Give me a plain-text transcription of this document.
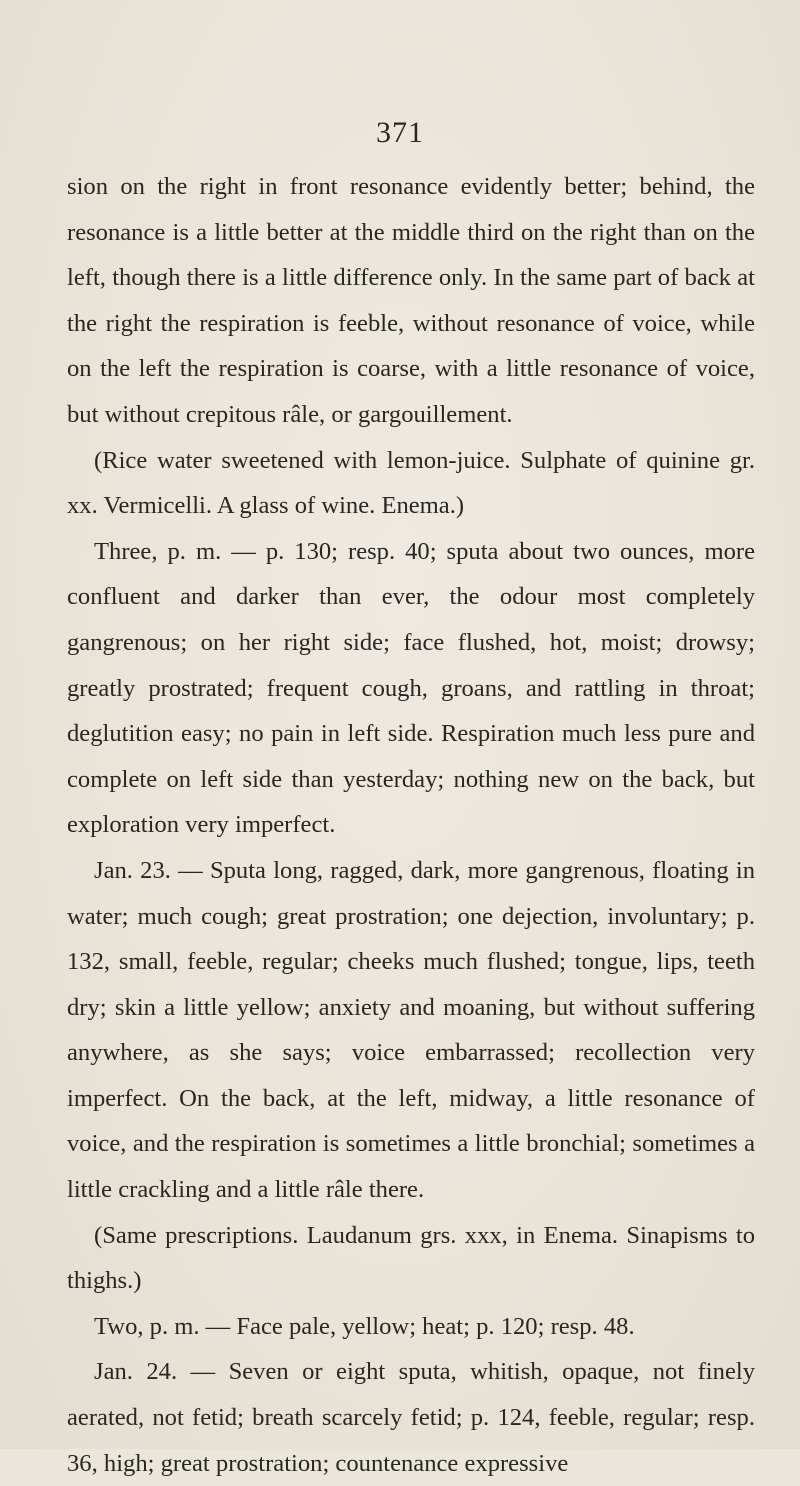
371

sion on the right in front resonance evidently better; behind, the resonance is a little better at the middle third on the right than on the left, though there is a little difference only. In the same part of back at the right the respiration is feeble, without resonance of voice, while on the left the respiration is coarse, with a little resonance of voice, but without crepitous râle, or gargouillement.

(Rice water sweetened with lemon-juice. Sulphate of quinine gr. xx. Vermicelli. A glass of wine. Enema.)

Three, p. m. — p. 130; resp. 40; sputa about two ounces, more confluent and darker than ever, the odour most completely gangrenous; on her right side; face flushed, hot, moist; drowsy; greatly prostrated; frequent cough, groans, and rattling in throat; deglutition easy; no pain in left side. Respiration much less pure and complete on left side than yesterday; nothing new on the back, but exploration very imperfect.

Jan. 23. — Sputa long, ragged, dark, more gangrenous, floating in water; much cough; great prostration; one dejection, involuntary; p. 132, small, feeble, regular; cheeks much flushed; tongue, lips, teeth dry; skin a little yellow; anxiety and moaning, but without suffering anywhere, as she says; voice embarrassed; recollection very imperfect. On the back, at the left, midway, a little resonance of voice, and the respiration is sometimes a little bronchial; sometimes a little crackling and a little râle there.

(Same prescriptions. Laudanum grs. xxx, in Enema. Sinapisms to thighs.)

Two, p. m. — Face pale, yellow; heat; p. 120; resp. 48.

Jan. 24. — Seven or eight sputa, whitish, opaque, not finely aerated, not fetid; breath scarcely fetid; p. 124, feeble, regular; resp. 36, high; great prostration; countenance expressive
